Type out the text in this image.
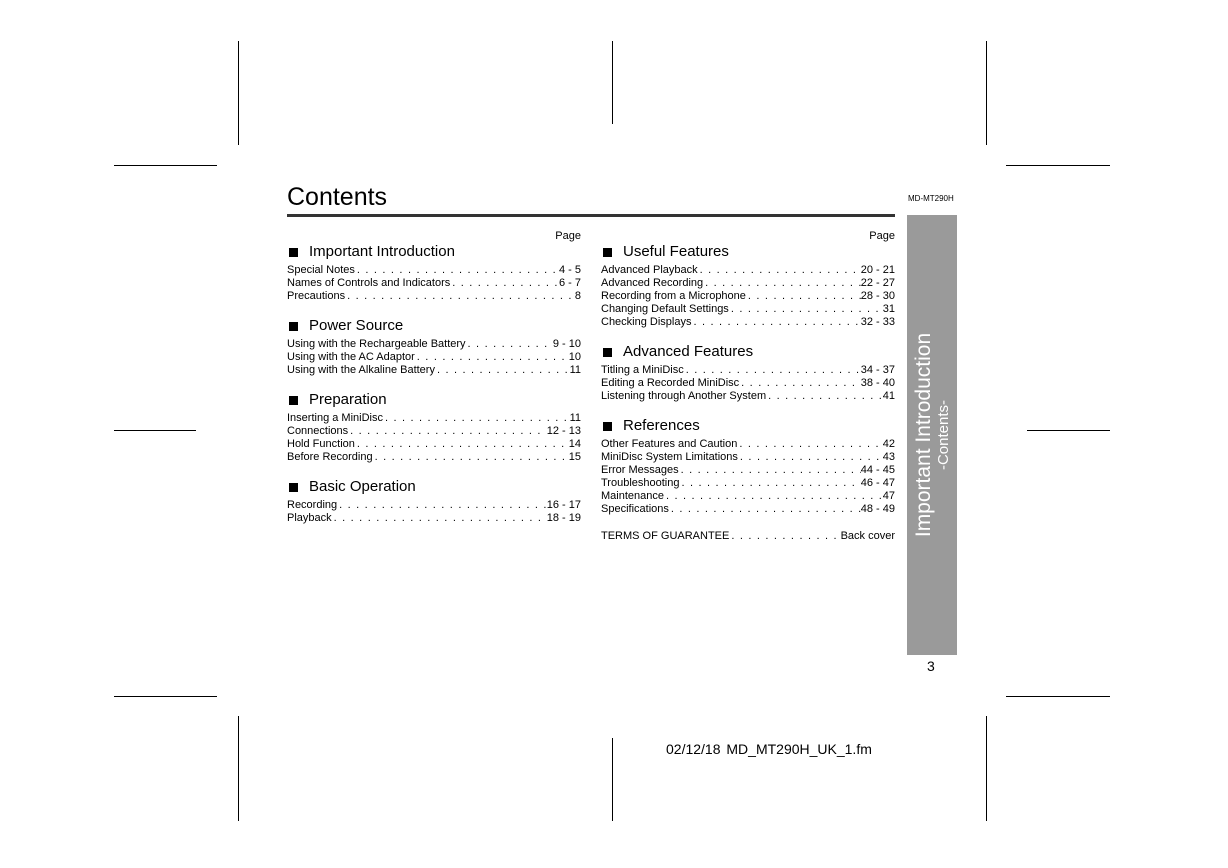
Contents	MD-MT290H
Page
Important Introduction
Special Notes . . .	4 - 5
Names of Controls and Indicators . . .	6 - 7
Precautions . . .	8
Power Source
Using with the Rechargeable Battery . . .	9 - 10
Using with the AC Adaptor . . .	10
Using with the Alkaline Battery . . .	11
Preparation
Inserting a MiniDisc . . .	11
Connections . . .	12 - 13
Hold Function . . .	14
Before Recording . . .	15
Basic Operation
Recording . . .	16 - 17
Playback . . .	18 - 19
Page
Useful Features
Advanced Playback . . .	20 - 21
Advanced Recording . . .	22 - 27
Recording from a Microphone . . .	28 - 30
Changing Default Settings . . .	31
Checking Displays . . .	32 - 33
Advanced Features
Titling a MiniDisc . . .	34 - 37
Editing a Recorded MiniDisc . . .	38 - 40
Listening through Another System . . .	41
References
Other Features and Caution . . .	42
MiniDisc System Limitations . . .	43
Error Messages . . .	44 - 45
Troubleshooting . . .	46 - 47
Maintenance . . .	47
Specifications . . .	48 - 49
TERMS OF GUARANTEE . . .	Back cover Important Introduction -Contents-
3
02/12/18 MD_MT290H_UK_1.fm
